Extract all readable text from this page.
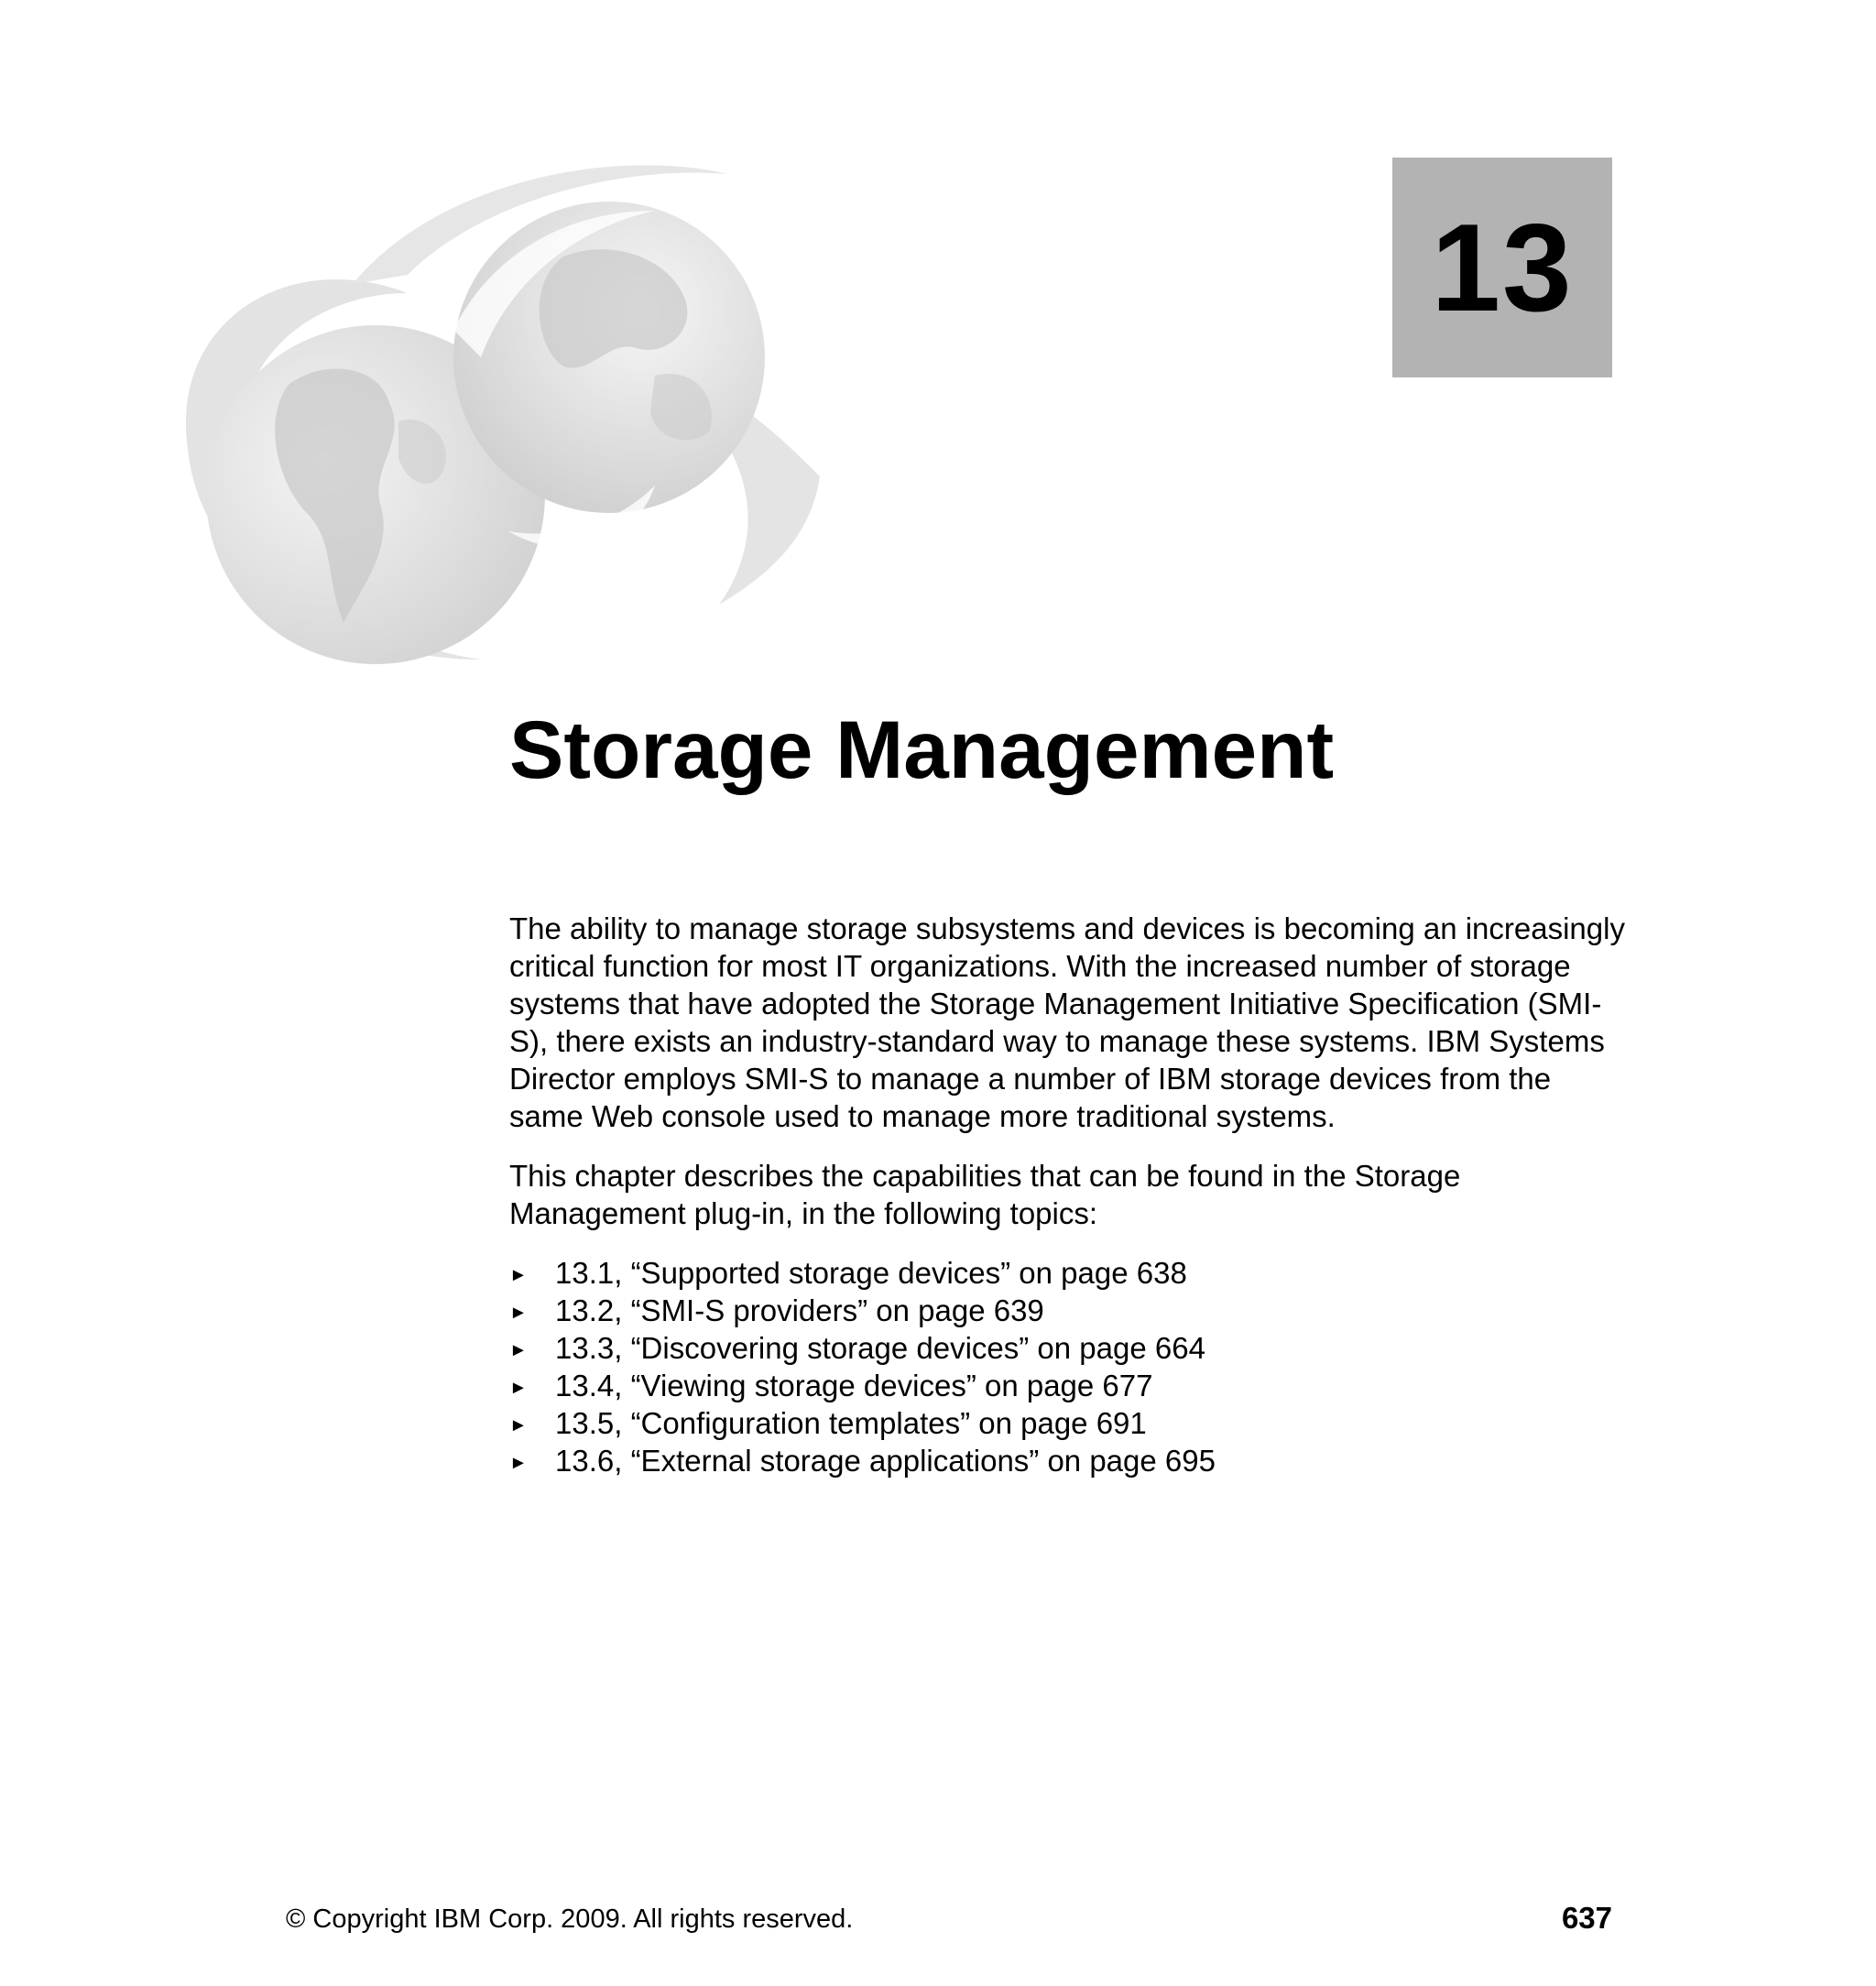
13
Storage Management

The ability to manage storage subsystems and devices is becoming an increasingly critical function for most IT organizations. With the increased number of storage systems that have adopted the Storage Management Initiative Specification (SMI-S), there exists an industry-standard way to manage these systems. IBM Systems Director employs SMI-S to manage a number of IBM storage devices from the same Web console used to manage more traditional systems.

This chapter describes the capabilities that can be found in the Storage Management plug-in, in the following topics:

► 13.1, “Supported storage devices” on page 638
► 13.2, “SMI-S providers” on page 639
► 13.3, “Discovering storage devices” on page 664
► 13.4, “Viewing storage devices” on page 677
► 13.5, “Configuration templates” on page 691
► 13.6, “External storage applications” on page 695
© Copyright IBM Corp. 2009. All rights reserved.	637
